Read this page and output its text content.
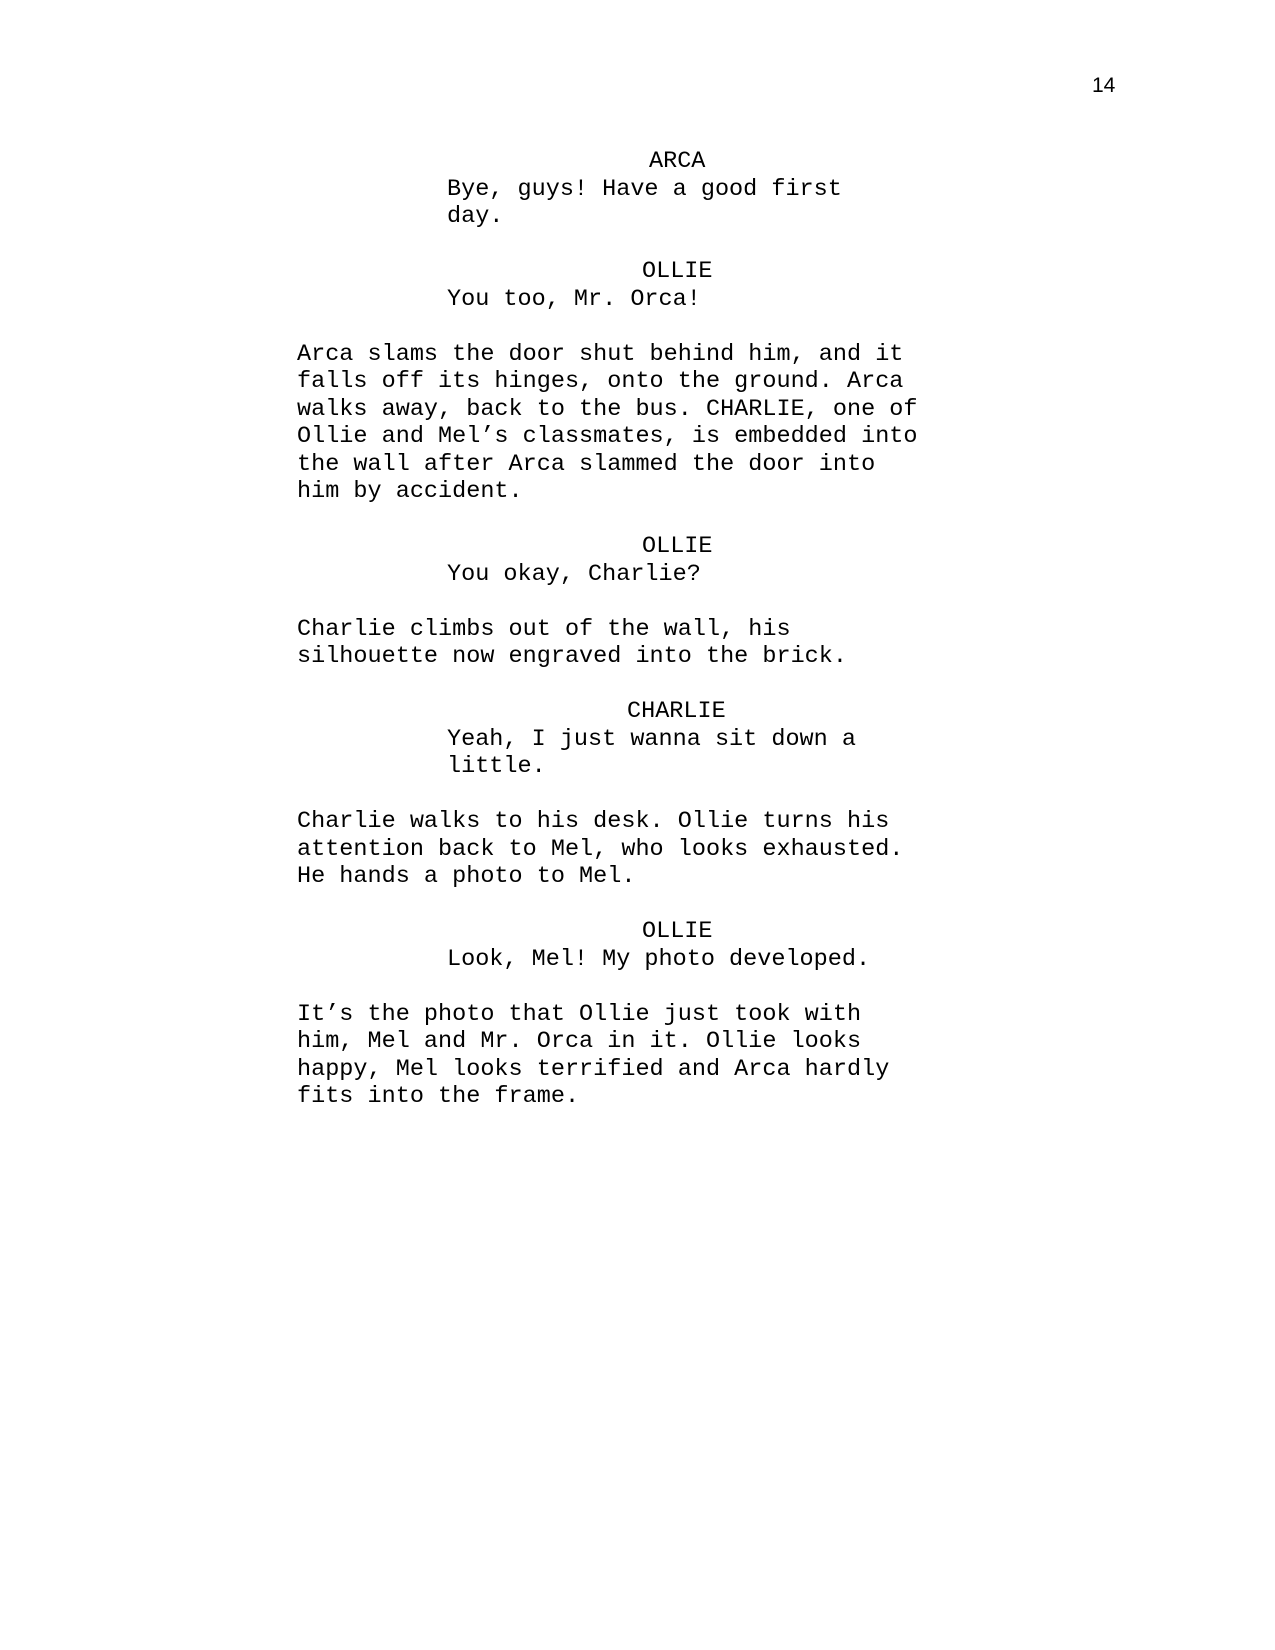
14
ARCA
Bye, guys! Have a good first day.
OLLIE
You too, Mr. Orca!
Arca slams the door shut behind him, and it
falls off its hinges, onto the ground. Arca
walks away, back to the bus. CHARLIE, one of
Ollie and Mel’s classmates, is embedded into
the wall after Arca slammed the door into
him by accident.
OLLIE
You okay, Charlie?
Charlie climbs out of the wall, his
silhouette now engraved into the brick.
CHARLIE
Yeah, I just wanna sit down a
little.
Charlie walks to his desk. Ollie turns his
attention back to Mel, who looks exhausted.
He hands a photo to Mel.
OLLIE
Look, Mel! My photo developed.
It’s the photo that Ollie just took with
him, Mel and Mr. Orca in it. Ollie looks
happy, Mel looks terrified and Arca hardly
fits into the frame.
